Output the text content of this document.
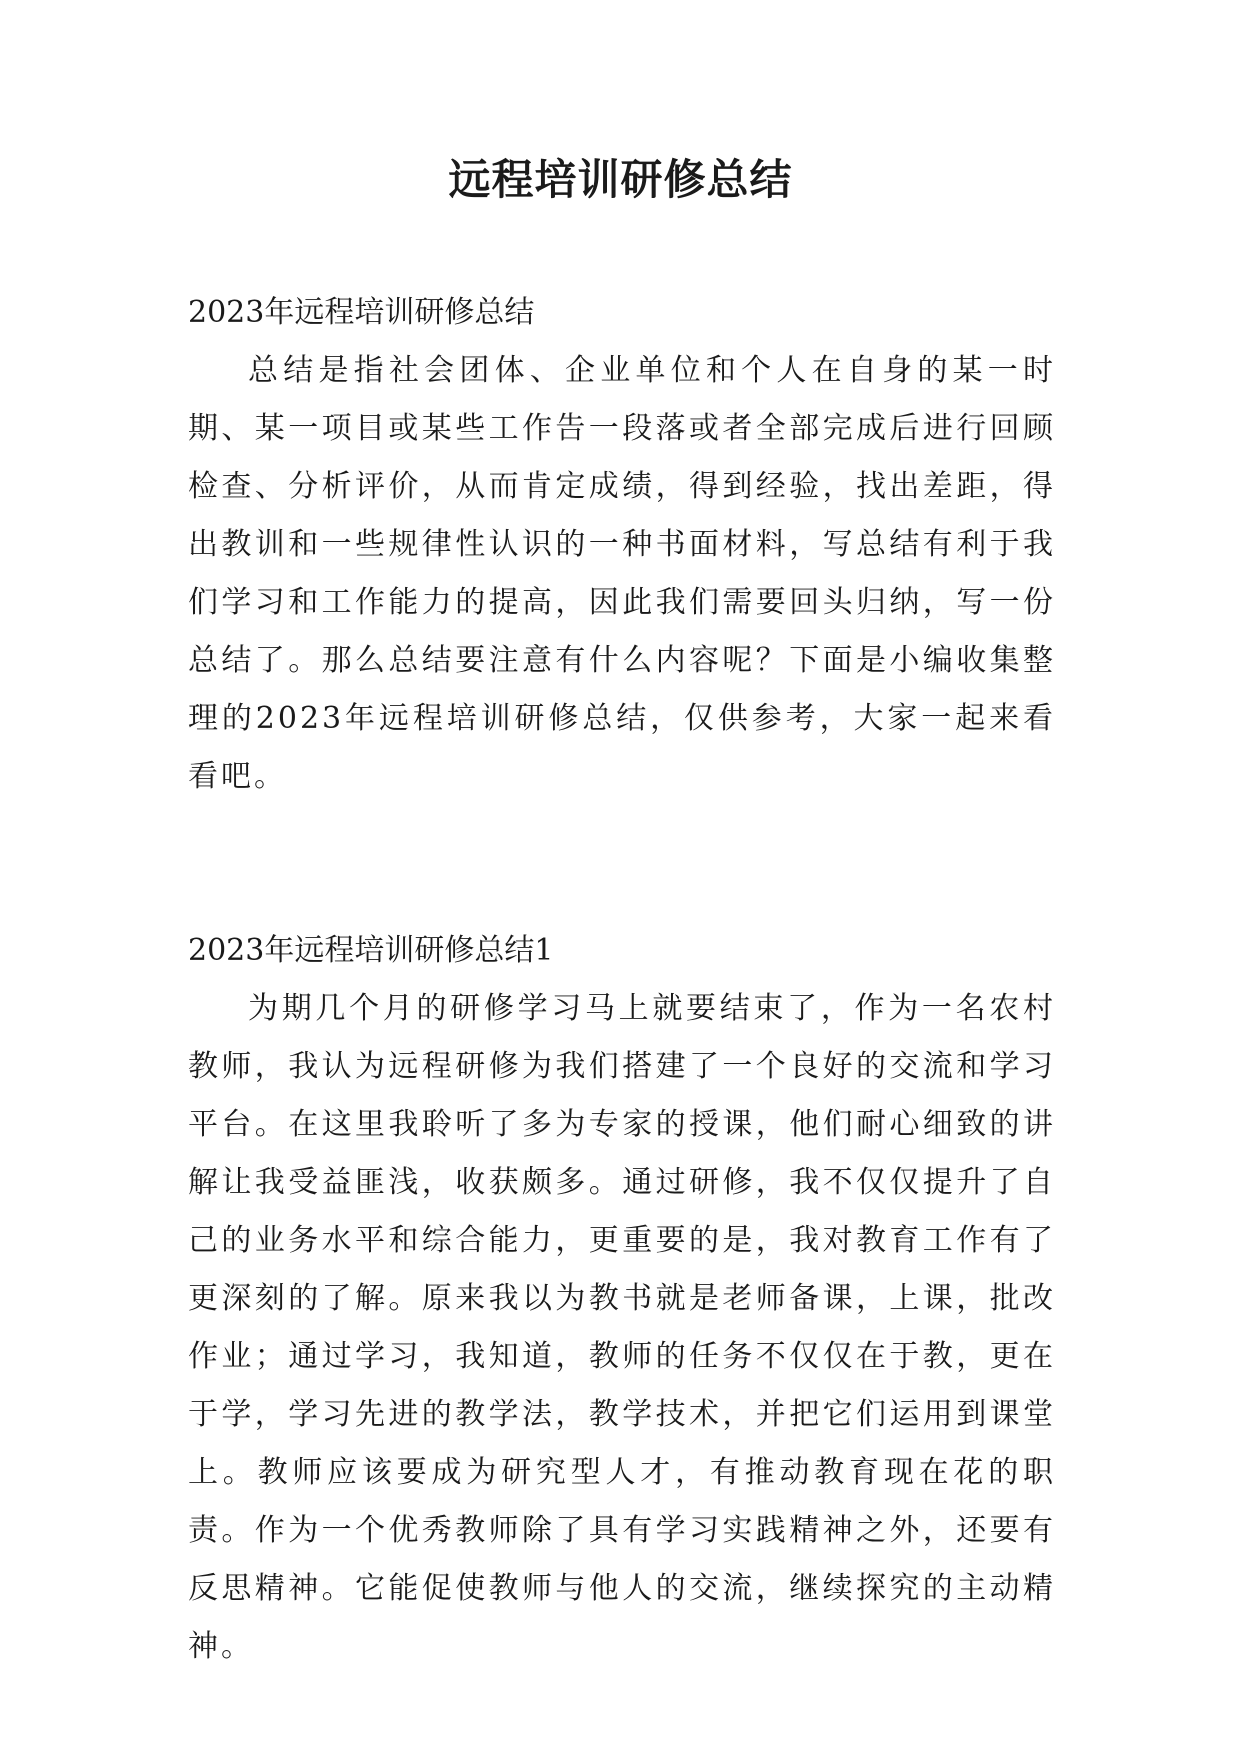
远程培训研修总结
2023年远程培训研修总结

总结是指社会团体、企业单位和个人在自身的某一时期、某一项目或某些工作告一段落或者全部完成后进行回顾检查、分析评价，从而肯定成绩，得到经验，找出差距，得出教训和一些规律性认识的一种书面材料，写总结有利于我们学习和工作能力的提高，因此我们需要回头归纳，写一份总结了。那么总结要注意有什么内容呢？下面是小编收集整理的2023年远程培训研修总结，仅供参考，大家一起来看看吧。

2023年远程培训研修总结1

为期几个月的研修学习马上就要结束了，作为一名农村教师，我认为远程研修为我们搭建了一个良好的交流和学习平台。在这里我聆听了多为专家的授课，他们耐心细致的讲解让我受益匪浅，收获颇多。通过研修，我不仅仅提升了自己的业务水平和综合能力，更重要的是，我对教育工作有了更深刻的了解。原来我以为教书就是老师备课，上课，批改作业；通过学习，我知道，教师的任务不仅仅在于教，更在于学，学习先进的教学法，教学技术，并把它们运用到课堂上。教师应该要成为研究型人才，有推动教育现在花的职责。作为一个优秀教师除了具有学习实践精神之外，还要有反思精神。它能促使教师与他人的交流，继续探究的主动精神。
